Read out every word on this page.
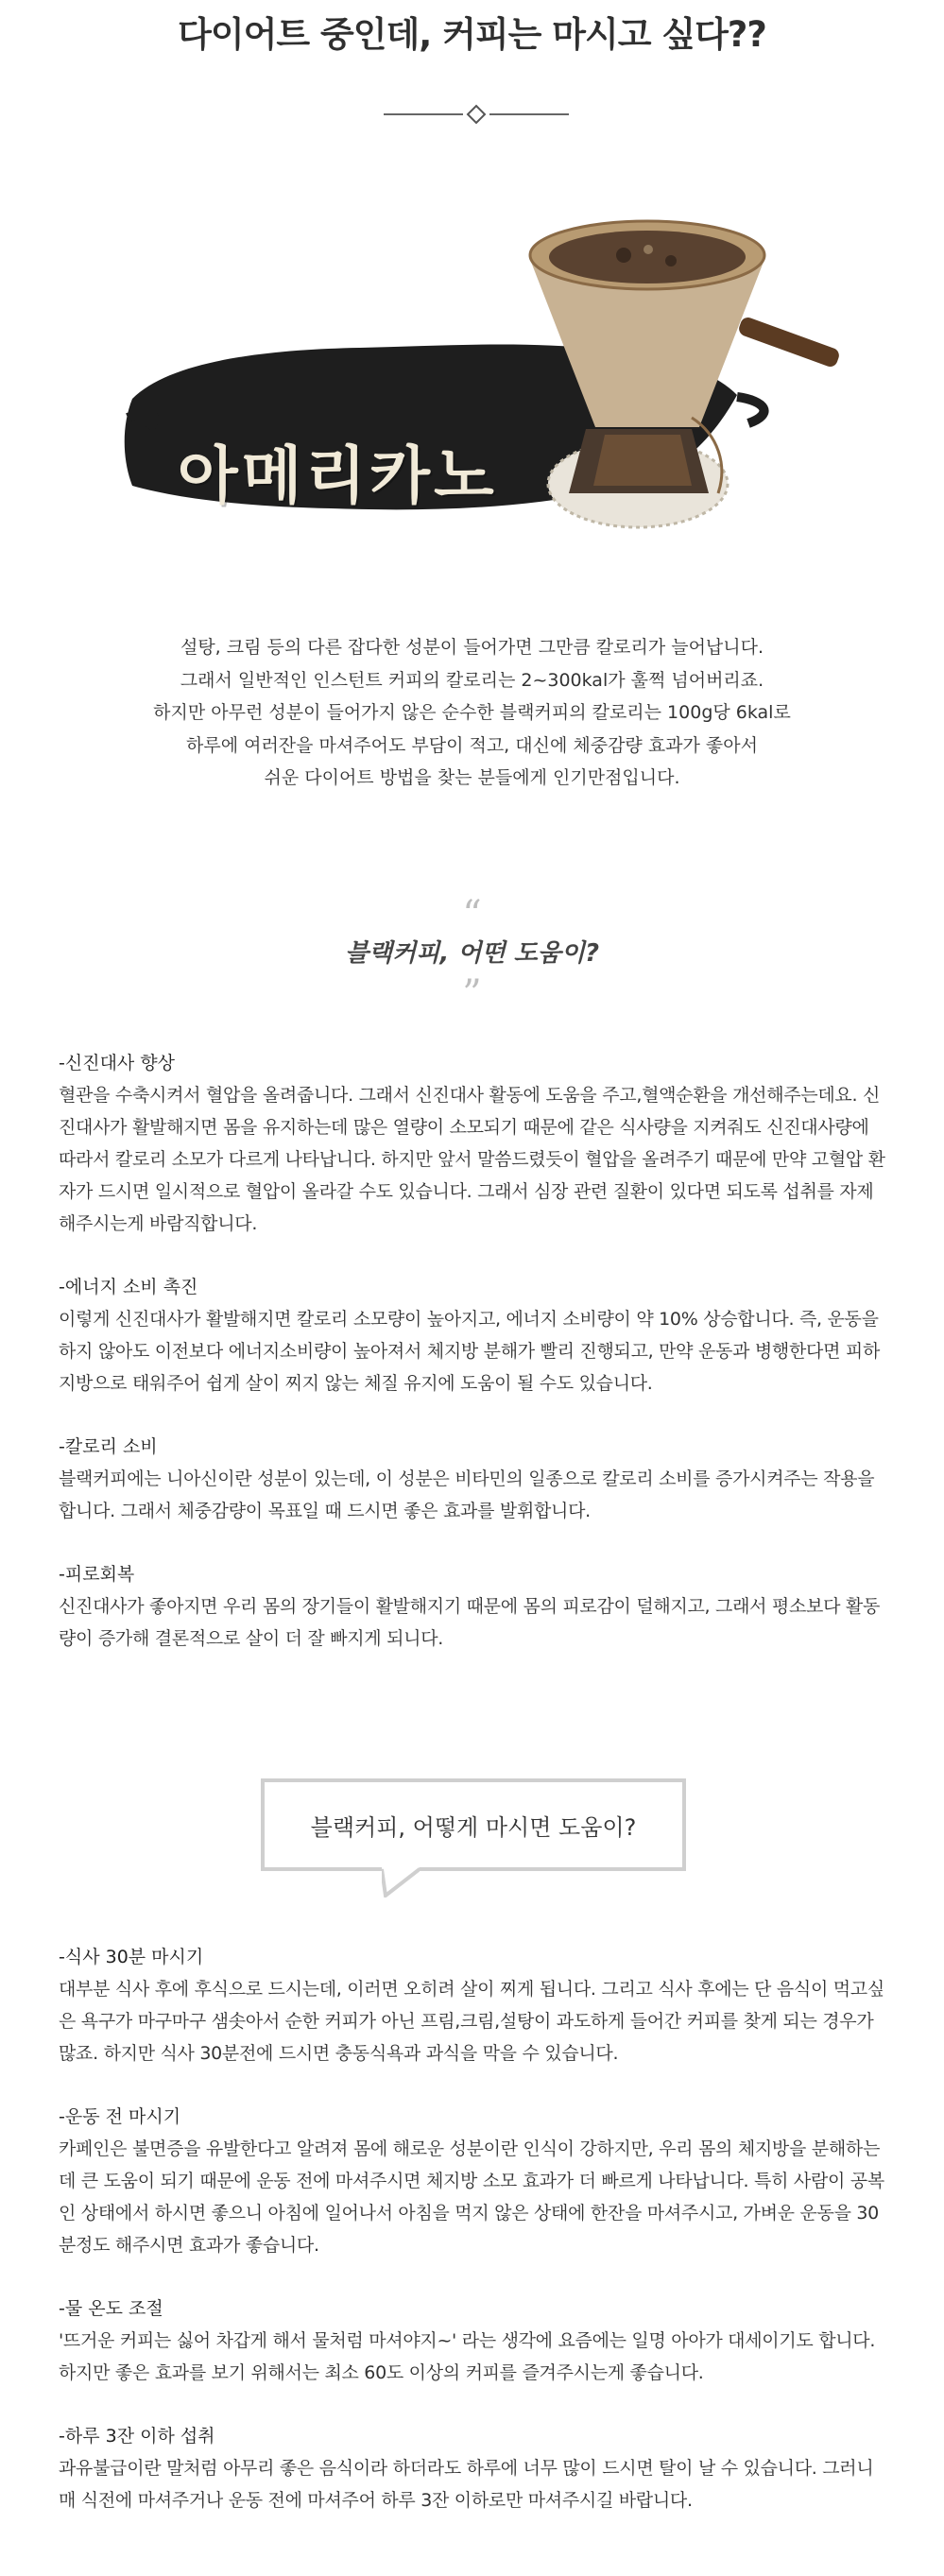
다이어트 중인데, 커피는 마시고 싶다??
아메리카노

설탕, 크림 등의 다른 잡다한 성분이 들어가면 그만큼 칼로리가 늘어납니다.

그래서 일반적인 인스턴트 커피의 칼로리는 2~300kal가 훌쩍 넘어버리죠.

하지만 아무런 성분이 들어가지 않은 순수한 블랙커피의 칼로리는 100g당 6kal로

하루에 여러잔을 마셔주어도 부담이 적고, 대신에 체중감량 효과가 좋아서

쉬운 다이어트 방법을 찾는 분들에게 인기만점입니다.

“
블랙커피, 어떤 도움이?
”

-신진대사 향상

혈관을 수축시켜서 혈압을 올려줍니다. 그래서 신진대사 활동에 도움을 주고,혈액순환을 개선해주는데요. 신진대사가 활발해지면 몸을 유지하는데 많은 열량이 소모되기 때문에 같은 식사량을 지켜줘도 신진대사량에 따라서 칼로리 소모가 다르게 나타납니다. 하지만 앞서 말씀드렸듯이 혈압을 올려주기 때문에 만약 고혈압 환자가 드시면 일시적으로 혈압이 올라갈 수도 있습니다. 그래서 심장 관련 질환이 있다면 되도록 섭취를 자제해주시는게 바람직합니다.

-에너지 소비 촉진

이렇게 신진대사가 활발해지면 칼로리 소모량이 높아지고, 에너지 소비량이 약 10% 상승합니다. 즉, 운동을 하지 않아도 이전보다 에너지소비량이 높아져서 체지방 분해가 빨리 진행되고, 만약 운동과 병행한다면 피하지방으로 태워주어 쉽게 살이 찌지 않는 체질 유지에 도움이 될 수도 있습니다.

-칼로리 소비

블랙커피에는 니아신이란 성분이 있는데, 이 성분은 비타민의 일종으로 칼로리 소비를 증가시켜주는 작용을 합니다. 그래서 체중감량이 목표일 때 드시면 좋은 효과를 발휘합니다.

-피로회복

신진대사가 좋아지면 우리 몸의 장기들이 활발해지기 때문에 몸의 피로감이 덜해지고, 그래서 평소보다 활동량이 증가해 결론적으로 살이 더 잘 빠지게 되니다.

블랙커피, 어떻게 마시면 도움이?

-식사 30분 마시기

대부분 식사 후에 후식으로 드시는데, 이러면 오히려 살이 찌게 됩니다. 그리고 식사 후에는 단 음식이 먹고싶은 욕구가 마구마구 샘솟아서 순한 커피가 아닌 프림,크림,설탕이 과도하게 들어간 커피를 찾게 되는 경우가 많죠. 하지만 식사 30분전에 드시면 충동식욕과 과식을 막을 수 있습니다.

-운동 전 마시기

카페인은 불면증을 유발한다고 알려져 몸에 해로운 성분이란 인식이 강하지만, 우리 몸의 체지방을 분해하는데 큰 도움이 되기 때문에 운동 전에 마셔주시면 체지방 소모 효과가 더 빠르게 나타납니다. 특히 사람이 공복인 상태에서 하시면 좋으니 아침에 일어나서 아침을 먹지 않은 상태에 한잔을 마셔주시고, 가벼운 운동을 30분정도 해주시면 효과가 좋습니다.

-물 온도 조절

'뜨거운 커피는 싫어 차갑게 해서 물처럼 마셔야지~' 라는 생각에 요즘에는 일명 아아가 대세이기도 합니다. 하지만 좋은 효과를 보기 위해서는 최소 60도 이상의 커피를 즐겨주시는게 좋습니다.

-하루 3잔 이하 섭취

과유불급이란 말처럼 아무리 좋은 음식이라 하더라도 하루에 너무 많이 드시면 탈이 날 수 있습니다. 그러니 매 식전에 마셔주거나 운동 전에 마셔주어 하루 3잔 이하로만 마셔주시길 바랍니다.
